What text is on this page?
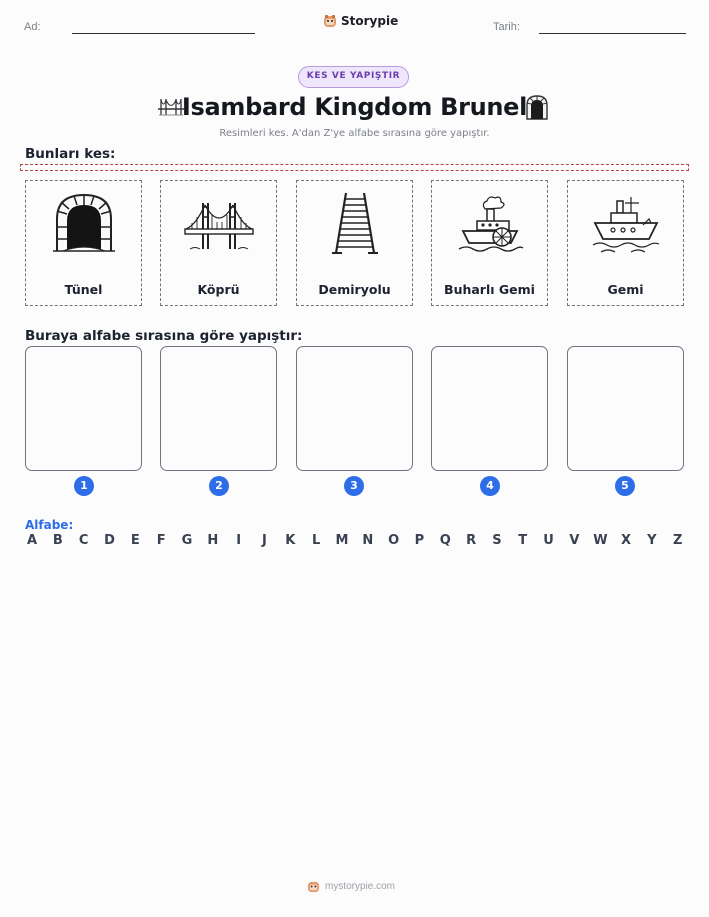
Ad:	Storypie	Tarih:
KES VE YAPIŞTIR
Isambard Kingdom Brunel
Resimleri kes. A'dan Z'ye alfabe sırasına göre yapıştır.
Bunları kes:
Tünel	Köprü	Demiryolu	Buharlı Gemi	Gemi
Buraya alfabe sırasına göre yapıştır:
1	2	3	4	5
Alfabe:
A B C D E F G H	I	J	K L M N O P Q R S T U V W X Y Z
mystorypie.com
